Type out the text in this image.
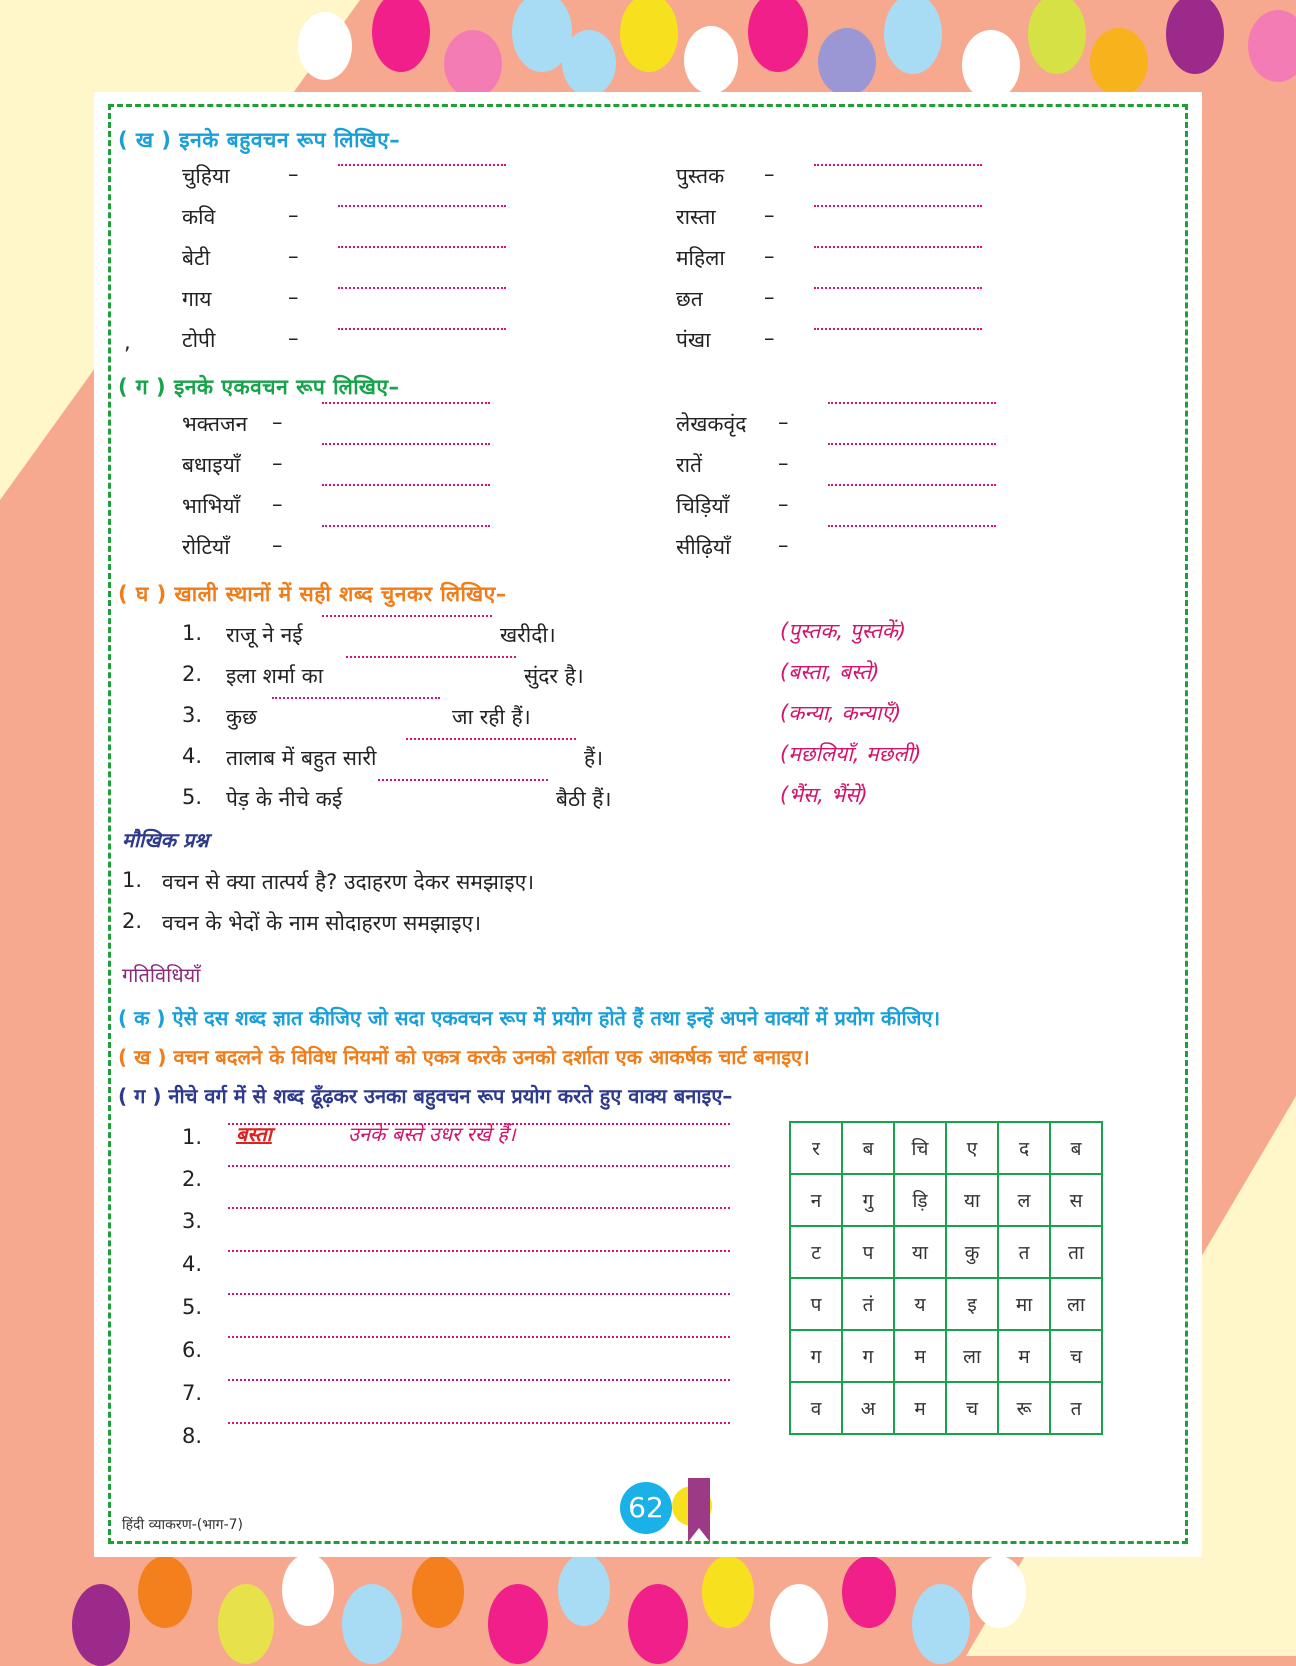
( ख ) इनके बहुवचन रूप लिखिए–
चुहिया	–	पुस्तक –
कवि	–	रास्ता –
बेटी	–	महिला –
गाय	–	छत	–
टोपी	–	पंखा	–
,
( ग ) इनके एकवचन रूप लिखिए–
भक्तजन –	लेखकवृंद –
बधाइयाँ –	रातें	–
भाभियाँ –	चिड़ियाँ –
रोटियाँ –	सीढ़ियाँ –
( घ ) खाली स्थानों में सही शब्द चुनकर लिखिए–
1. राजू ने नई	खरीदी।	(पुस्तक, पुस्तकें)
2. इला शर्मा का	सुंदर है।	(बस्ता, बस्ते)
3. कुछ	जा रही हैं।	(कन्या, कन्याएँ)
4. तालाब में बहुत सारी	हैं।	(मछलियाँ, मछली)
5. पेड़ के नीचे कई	बैठी हैं।	(भैंस, भैंसें)
मौखिक प्रश्न
1. वचन से क्या तात्पर्य है? उदाहरण देकर समझाइए।
2. वचन के भेदों के नाम सोदाहरण समझाइए।
गतिविधियाँ
( क ) ऐसे दस शब्द ज्ञात कीजिए जो सदा एकवचन रूप में प्रयोग होते हैं तथा इन्हें अपने वाक्यों में प्रयोग कीजिए।
( ख ) वचन बदलने के विविध नियमों को एकत्र करके उनको दर्शाता एक आकर्षक चार्ट बनाइए।
( ग ) नीचे वर्ग में से शब्द ढूँढ़कर उनका बहुवचन रूप प्रयोग करते हुए वाक्य बनाइए–
1.
2.
3.
4.
5.
6.
7.
8.
बस्ता	उनके बस्ते उधर रखे हैं।
र	ब	चि	ए	द	ब
न	गु	ड़ि	या	ल	स
ट	प	या	कु	त	ता
प	तं	य	इ	मा	ला
ग	ग	म	ला	म	च
व	अ	म	च	रू	त
हिंदी व्याकरण-(भाग-7)
62
